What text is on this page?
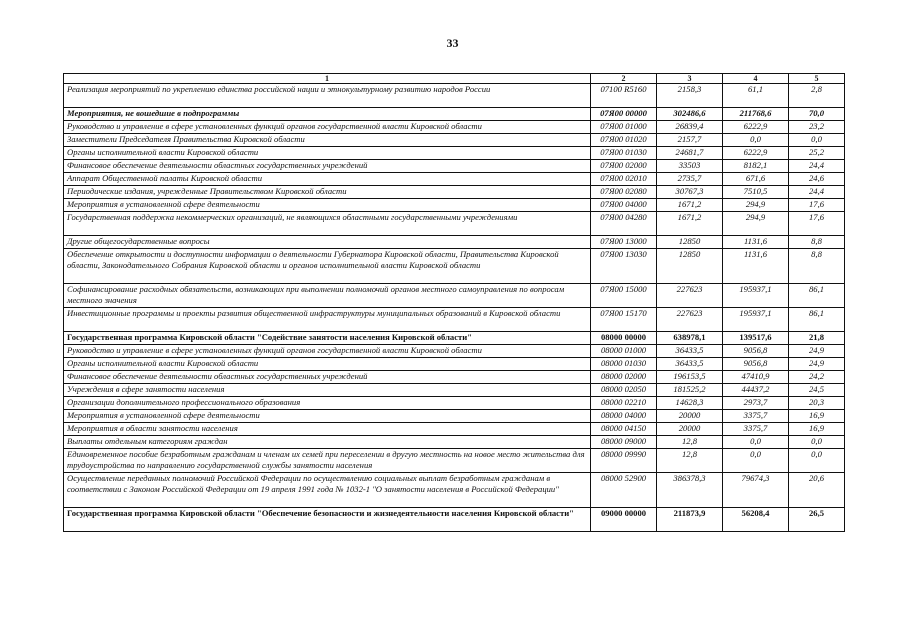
33
1	2	3	4	5
Реализация мероприятий по укреплению единства российской нации и этнокультурному развитию народов России	07100 R5160	2158,3	61,1	2,8
Мероприятия, не вошедшие в подпрограммы	07Я00 00000	302486,6	211768,6	70,0
Руководство и управление в сфере установленных функций органов государственной власти Кировской области	07Я00 01000	26839,4	6222,9	23,2
Заместители Председателя Правительства Кировской области	07Я00 01020	2157,7	0,0	0,0
Органы исполнительной власти Кировской области	07Я00 01030	24681,7	6222,9	25,2
Финансовое обеспечение деятельности областных государственных учреждений	07Я00 02000	33503	8182,1	24,4
Аппарат Общественной палаты Кировской области	07Я00 02010	2735,7	671,6	24,6
Периодические издания, учрежденные Правительством Кировской области	07Я00 02080	30767,3	7510,5	24,4
Мероприятия в установленной сфере деятельности	07Я00 04000	1671,2	294,9	17,6
Государственная поддержка некоммерческих организаций, не являющихся областными государственными учреждениями	07Я00 04280	1671,2	294,9	17,6
Другие общегосударственные вопросы	07Я00 13000	12850	1131,6	8,8
Обеспечение открытости и доступности информации о деятельности Губернатора Кировской области, Правительства Кировской области, Законодательного Собрания Кировской области и органов исполнительной власти Кировской области	07Я00 13030	12850	1131,6	8,8
Софинансирование расходных обязательств, возникающих при выполнении полномочий органов местного самоуправления по вопросам местного значения	07Я00 15000	227623	195937,1	86,1
Инвестиционные программы и проекты развития общественной инфраструктуры муниципальных образований в Кировской области	07Я00 15170	227623	195937,1	86,1
Государственная программа Кировской области "Содействие занятости населения Кировской области"	08000 00000	638978,1	139517,6	21,8
Руководство и управление в сфере установленных функций органов государственной власти Кировской области	08000 01000	36433,5	9056,8	24,9
Органы исполнительной власти Кировской области	08000 01030	36433,5	9056,8	24,9
Финансовое обеспечение деятельности областных государственных учреждений	08000 02000	196153,5	47410,9	24,2
Учреждения в сфере занятости населения	08000 02050	181525,2	44437,2	24,5
Организации дополнительного профессионального образования	08000 02210	14628,3	2973,7	20,3
Мероприятия в установленной сфере деятельности	08000 04000	20000	3375,7	16,9
Мероприятия в области занятости населения	08000 04150	20000	3375,7	16,9
Выплаты отдельным категориям граждан	08000 09000	12,8	0,0	0,0
Единовременное пособие безработным гражданам и членам их семей при переселении в другую местность на новое место жительства для трудоустройства по направлению государственной службы занятости населения	08000 09990	12,8	0,0	0,0
Осуществление переданных полномочий Российской Федерации по осуществлению социальных выплат безработным гражданам в соответствии с Законом Российской Федерации от 19 апреля 1991 года № 1032-1 "О занятости населения в Российской Федерации"	08000 52900	386378,3	79674,3	20,6
Государственная программа Кировской области "Обеспечение безопасности и жизнедеятельности населения Кировской области"	09000 00000	211873,9	56208,4	26,5
